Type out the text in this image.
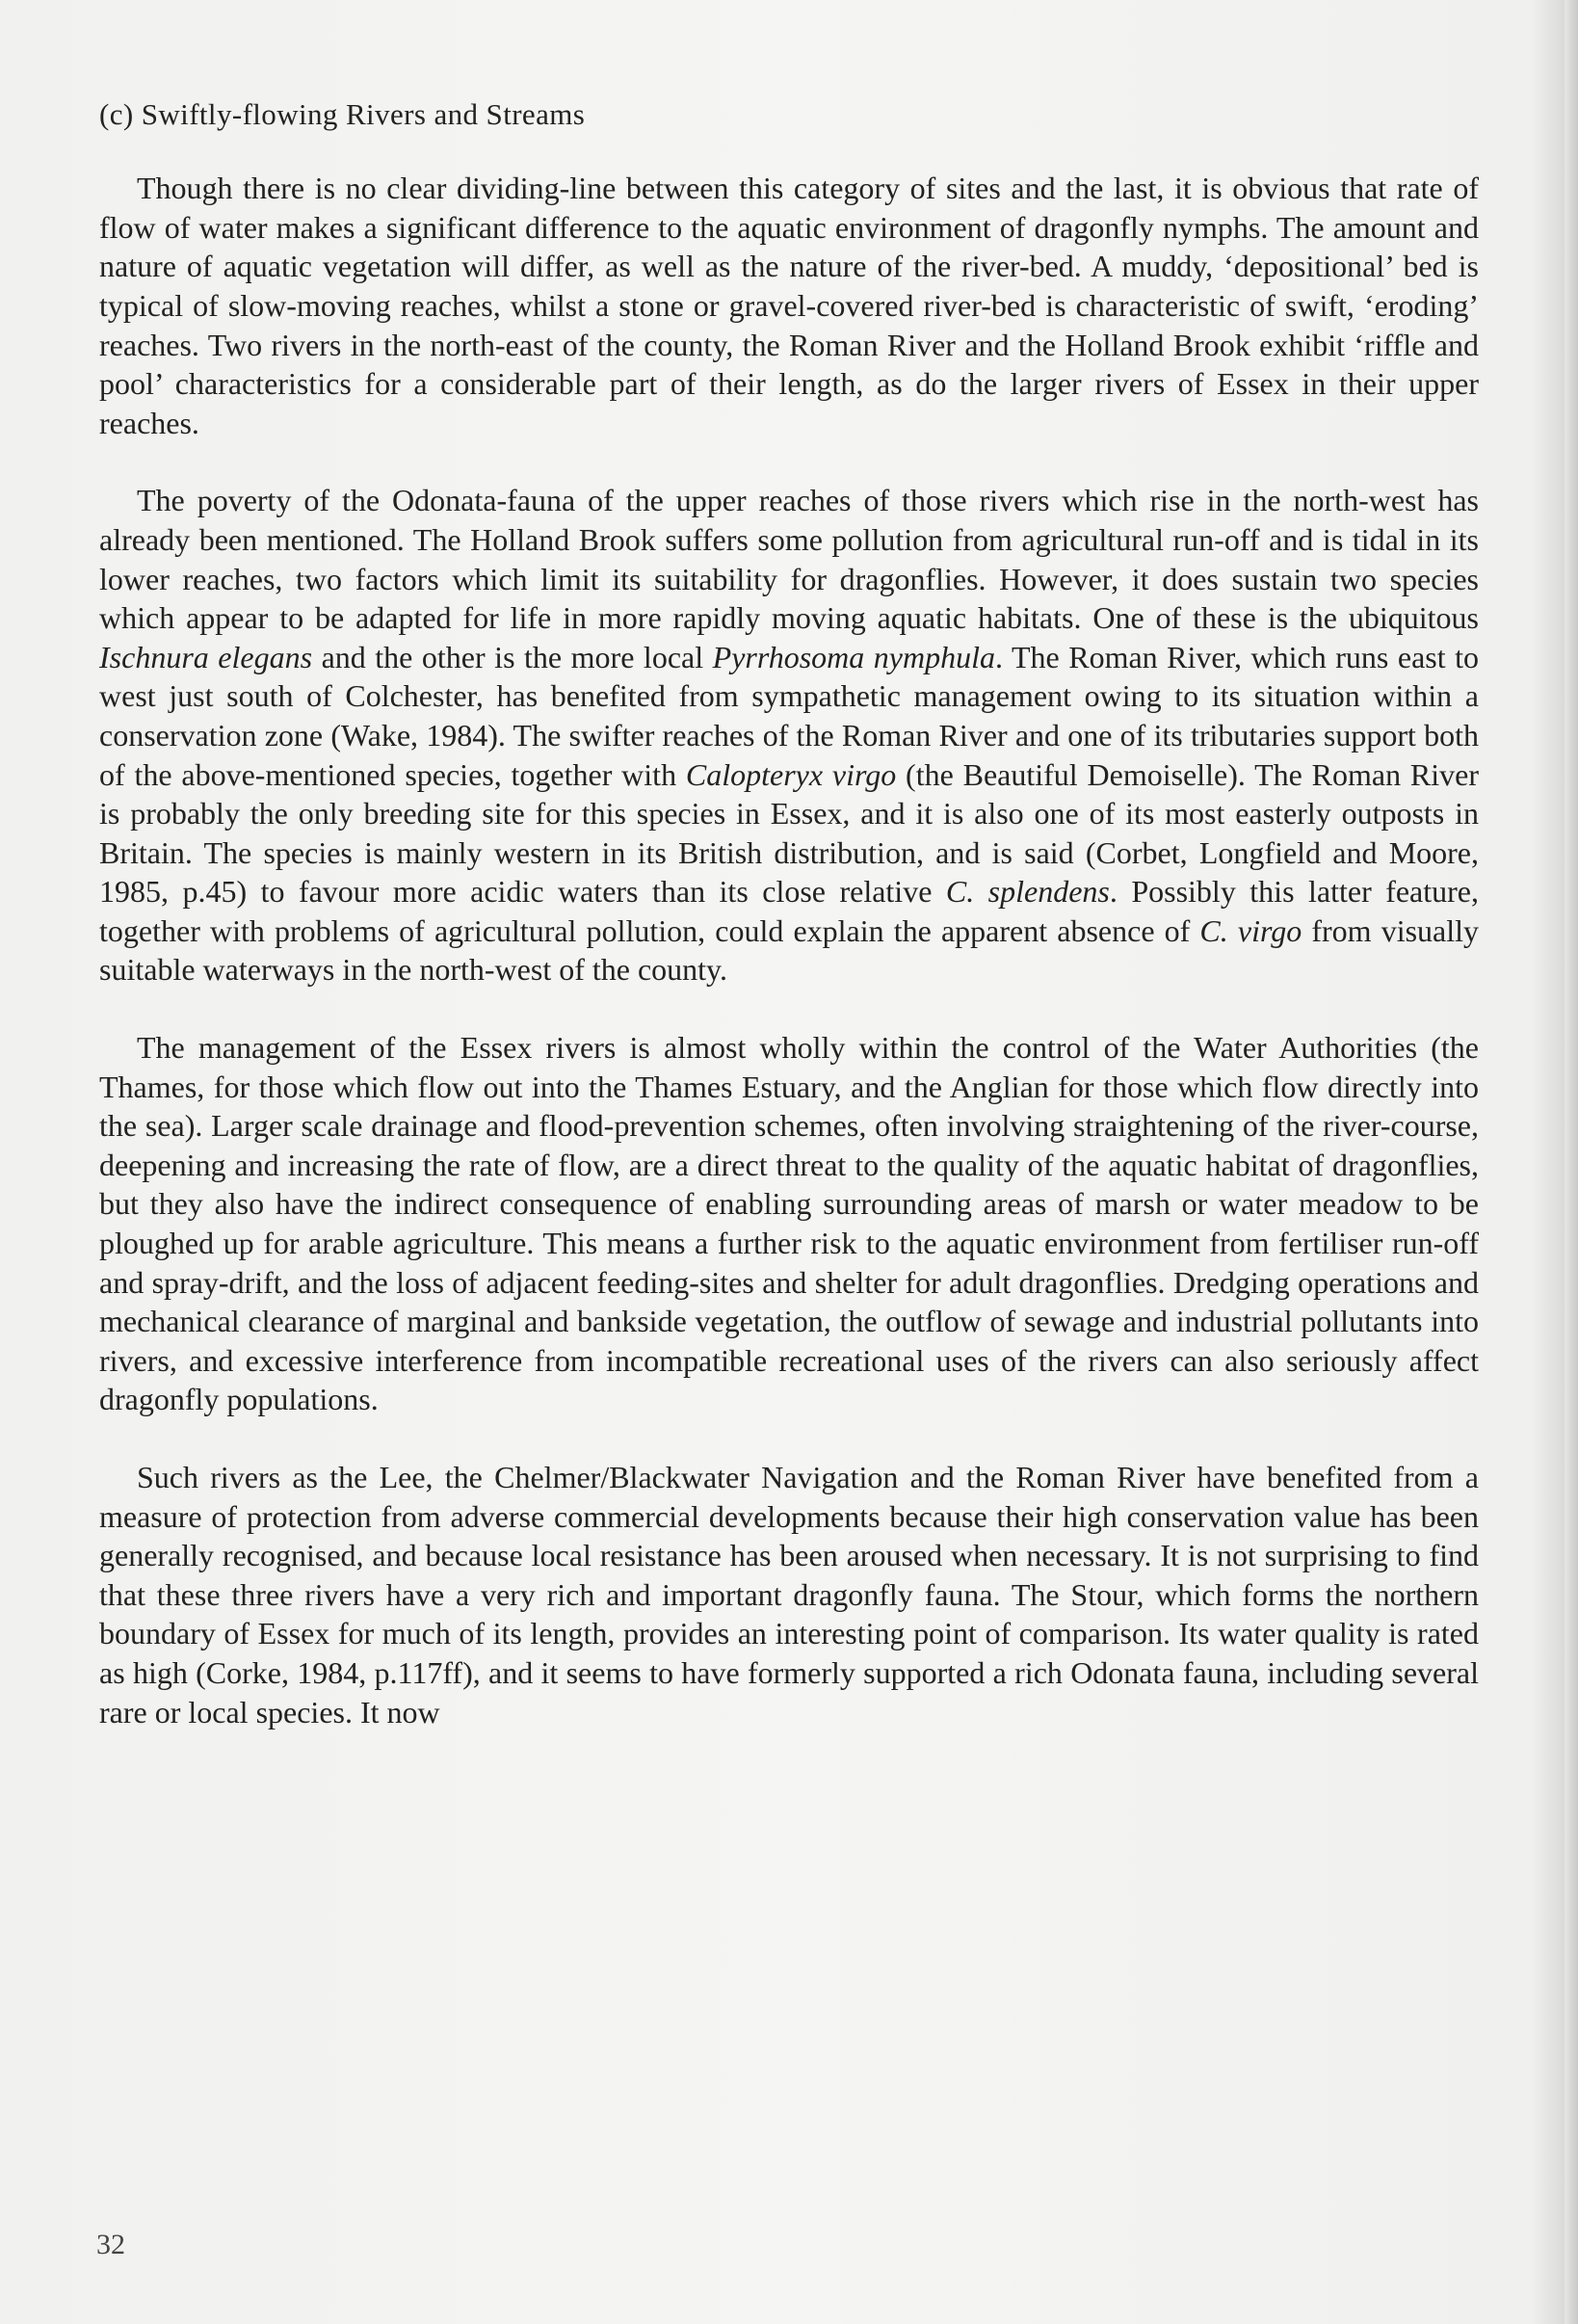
(c) Swiftly-flowing Rivers and Streams

Though there is no clear dividing-line between this category of sites and the last, it is obvious that rate of flow of water makes a significant difference to the aquatic environment of dragonfly nymphs. The amount and nature of aquatic vegetation will differ, as well as the nature of the river-bed. A muddy, ‘depositional’ bed is typical of slow-moving reaches, whilst a stone or gravel-covered river-bed is characteristic of swift, ‘eroding’ reaches. Two rivers in the north-east of the county, the Roman River and the Holland Brook exhibit ‘riffle and pool’ characteristics for a considerable part of their length, as do the larger rivers of Essex in their upper reaches.

The poverty of the Odonata-fauna of the upper reaches of those rivers which rise in the north-west has already been mentioned. The Holland Brook suffers some pollution from agricultural run-off and is tidal in its lower reaches, two factors which limit its suitability for dragonflies. However, it does sustain two species which appear to be adapted for life in more rapidly moving aquatic habitats. One of these is the ubiquitous Ischnura elegans and the other is the more local Pyrrhosoma nymphula. The Roman River, which runs east to west just south of Colchester, has benefited from sympathetic management owing to its situation within a conservation zone (Wake, 1984). The swifter reaches of the Roman River and one of its tributaries support both of the above-mentioned species, together with Calopteryx virgo (the Beautiful Demoiselle). The Roman River is probably the only breeding site for this species in Essex, and it is also one of its most easterly outposts in Britain. The species is mainly western in its British distribution, and is said (Corbet, Longfield and Moore, 1985, p.45) to favour more acidic waters than its close relative C. splendens. Possibly this latter feature, together with problems of agricultural pollution, could explain the apparent absence of C. virgo from visually suitable waterways in the north-west of the county.

The management of the Essex rivers is almost wholly within the control of the Water Authorities (the Thames, for those which flow out into the Thames Estuary, and the Anglian for those which flow directly into the sea). Larger scale drainage and flood-prevention schemes, often involving straightening of the river-course, deepening and increasing the rate of flow, are a direct threat to the quality of the aquatic habitat of dragonflies, but they also have the indirect consequence of enabling surrounding areas of marsh or water meadow to be ploughed up for arable agriculture. This means a further risk to the aquatic environment from fertiliser run-off and spray-drift, and the loss of adjacent feeding-sites and shelter for adult dragonflies. Dredging operations and mechanical clearance of marginal and bankside vegetation, the outflow of sewage and industrial pollutants into rivers, and excessive interference from incompatible recreational uses of the rivers can also seriously affect dragonfly populations.

Such rivers as the Lee, the Chelmer/Blackwater Navigation and the Roman River have benefited from a measure of protection from adverse commercial developments because their high conservation value has been generally recognised, and because local resistance has been aroused when necessary. It is not surprising to find that these three rivers have a very rich and important dragonfly fauna. The Stour, which forms the northern boundary of Essex for much of its length, provides an interesting point of comparison. Its water quality is rated as high (Corke, 1984, p.117ff), and it seems to have formerly supported a rich Odonata fauna, including several rare or local species. It now

32
